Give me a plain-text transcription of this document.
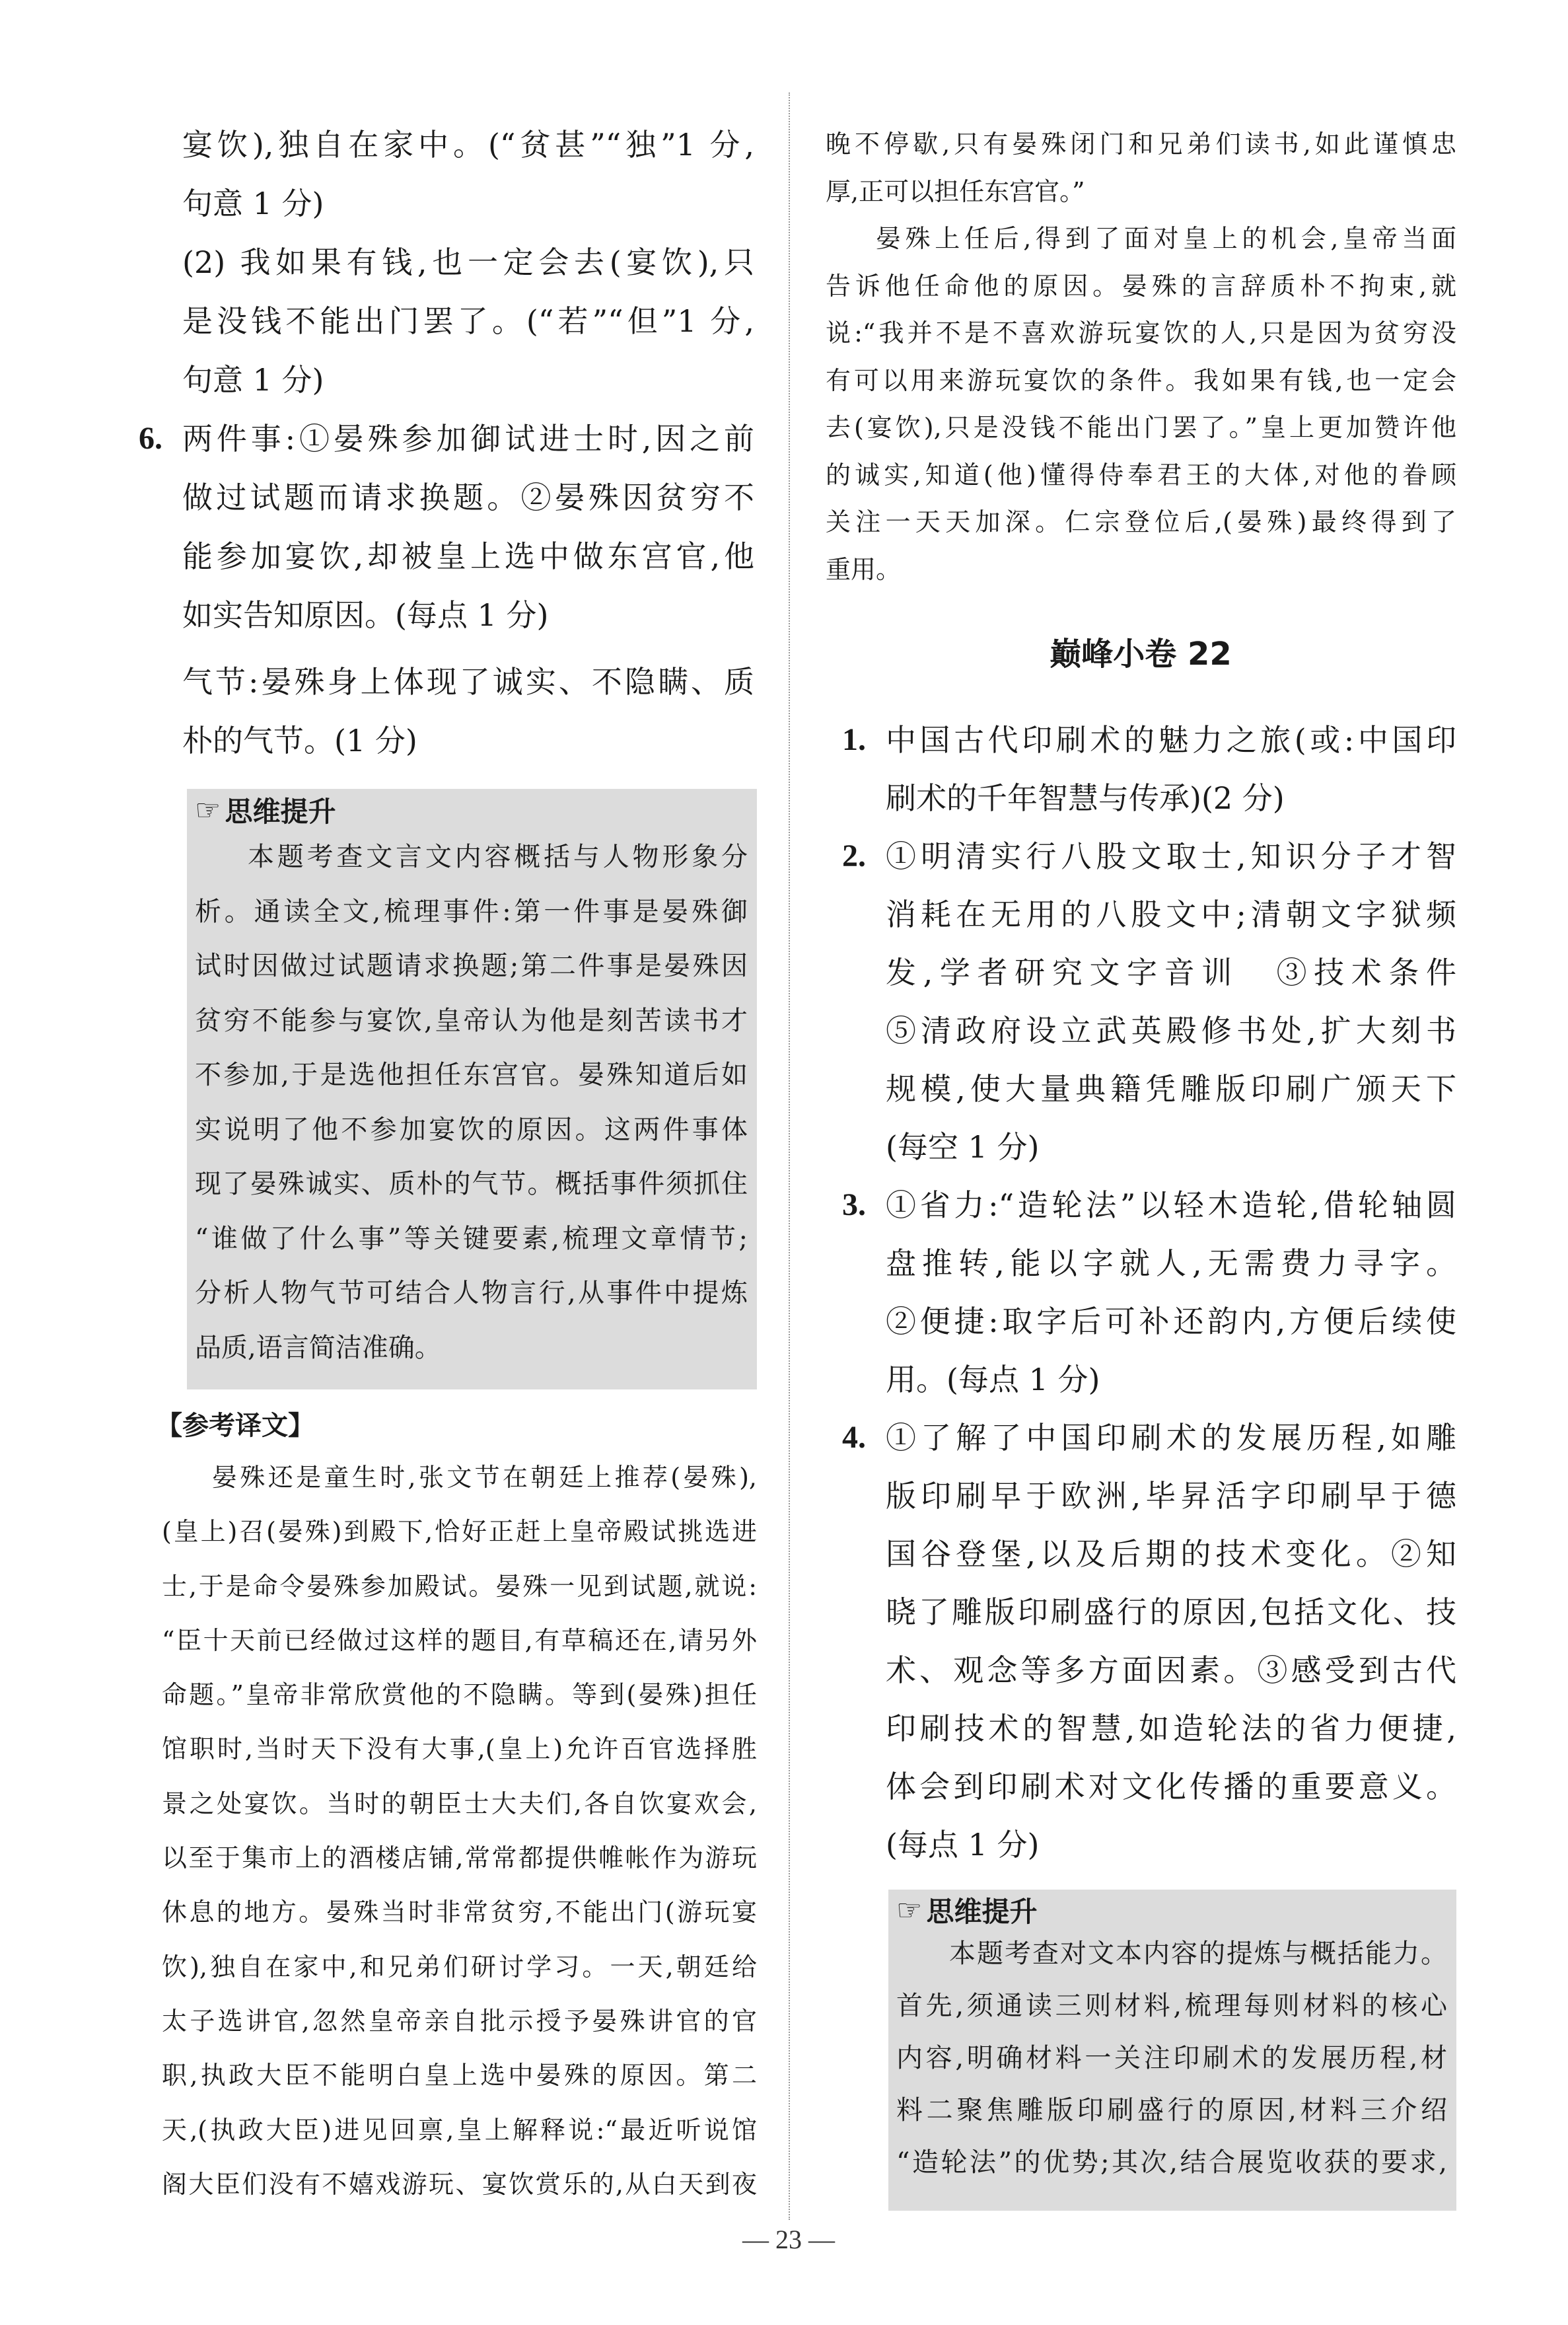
宴饮),独自在家中。(“贫甚”“独”1 分,
句意 1 分)
(2) 我如果有钱,也一定会去(宴饮),只
是没钱不能出门罢了。(“若”“但”1 分,
句意 1 分)
6. 两件事:①晏殊参加御试进士时,因之前
做过试题而请求换题。②晏殊因贫穷不
能参加宴饮,却被皇上选中做东宫官,他
如实告知原因。(每点 1 分)
气节:晏殊身上体现了诚实、不隐瞒、质
朴的气节。(1 分)
☞ 思维提升
本题考查文言文内容概括与人物形象分
析。通读全文,梳理事件:第一件事是晏殊御
试时因做过试题请求换题;第二件事是晏殊因
贫穷不能参与宴饮,皇帝认为他是刻苦读书才
不参加,于是选他担任东宫官。晏殊知道后如
实说明了他不参加宴饮的原因。这两件事体
现了晏殊诚实、质朴的气节。概括事件须抓住
“谁做了什么事”等关键要素,梳理文章情节;
分析人物气节可结合人物言行,从事件中提炼
品质,语言简洁准确。
【参考译文】
晏殊还是童生时,张文节在朝廷上推荐(晏殊),
(皇上)召(晏殊)到殿下,恰好正赶上皇帝殿试挑选进
士,于是命令晏殊参加殿试。晏殊一见到试题,就说:
“臣十天前已经做过这样的题目,有草稿还在,请另外
命题。”皇帝非常欣赏他的不隐瞒。等到(晏殊)担任
馆职时,当时天下没有大事,(皇上)允许百官选择胜
景之处宴饮。当时的朝臣士大夫们,各自饮宴欢会,
以至于集市上的酒楼店铺,常常都提供帷帐作为游玩
休息的地方。晏殊当时非常贫穷,不能出门(游玩宴
饮),独自在家中,和兄弟们研讨学习。一天,朝廷给
太子选讲官,忽然皇帝亲自批示授予晏殊讲官的官
职,执政大臣不能明白皇上选中晏殊的原因。第二
天,(执政大臣)进见回禀,皇上解释说:“最近听说馆
阁大臣们没有不嬉戏游玩、宴饮赏乐的,从白天到夜
晚不停歇,只有晏殊闭门和兄弟们读书,如此谨慎忠
厚,正可以担任东宫官。”
晏殊上任后,得到了面对皇上的机会,皇帝当面
告诉他任命他的原因。晏殊的言辞质朴不拘束,就
说:“我并不是不喜欢游玩宴饮的人,只是因为贫穷没
有可以用来游玩宴饮的条件。我如果有钱,也一定会
去(宴饮),只是没钱不能出门罢了。”皇上更加赞许他
的诚实,知道(他)懂得侍奉君王的大体,对他的眷顾
关注一天天加深。仁宗登位后,(晏殊)最终得到了
重用。
巅峰小卷 22
1. 中国古代印刷术的魅力之旅(或:中国印
刷术的千年智慧与传承)(2 分)
2. ①明清实行八股文取士,知识分子才智
消耗在无用的八股文中;清朝文字狱频
发,学者研究文字音训　③技术条件
⑤清政府设立武英殿修书处,扩大刻书
规模,使大量典籍凭雕版印刷广颁天下
(每空 1 分)
3. ①省力:“造轮法”以轻木造轮,借轮轴圆
盘推转,能以字就人,无需费力寻字。
②便捷:取字后可补还韵内,方便后续使
用。(每点 1 分)
4. ①了解了中国印刷术的发展历程,如雕
版印刷早于欧洲,毕昇活字印刷早于德
国谷登堡,以及后期的技术变化。②知
晓了雕版印刷盛行的原因,包括文化、技
术、观念等多方面因素。③感受到古代
印刷技术的智慧,如造轮法的省力便捷,
体会到印刷术对文化传播的重要意义。
(每点 1 分)
☞ 思维提升
本题考查对文本内容的提炼与概括能力。
首先,须通读三则材料,梳理每则材料的核心
内容,明确材料一关注印刷术的发展历程,材
料二聚焦雕版印刷盛行的原因,材料三介绍
“造轮法”的优势;其次,结合展览收获的要求,
— 23 —
